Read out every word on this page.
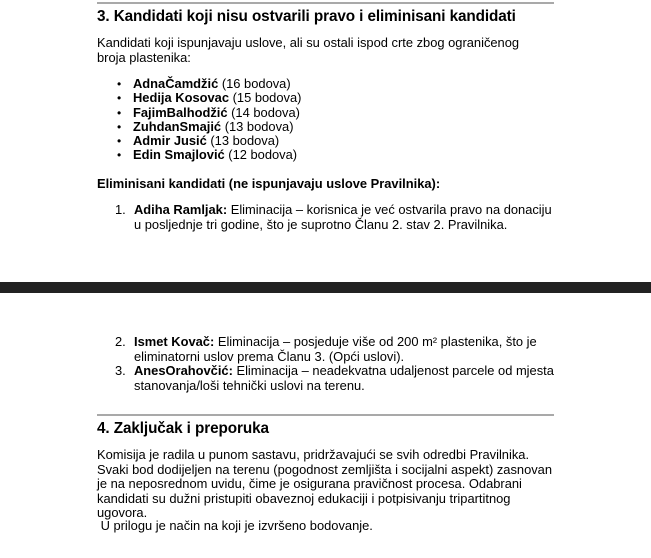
3. Kandidati koji nisu ostvarili pravo i eliminisani kandidati
Kandidati koji ispunjavaju uslove, ali su ostali ispod crte zbog ograničenog broja plastenika:
• AdnaČamdžić (16 bodova)
• Hedija Kosovac (15 bodova)
• FajimBalhodžić (14 bodova)
• ZuhdanSmajić (13 bodova)
• Admir Jusić (13 bodova)
• Edin Smajlović (12 bodova)
Eliminisani kandidati (ne ispunjavaju uslove Pravilnika):
1. Adiha Ramljak: Eliminacija – korisnica je već ostvarila pravo na donaciju u posljednje tri godine, što je suprotno Članu 2. stav 2. Pravilnika.
2. Ismet Kovač: Eliminacija – posjeduje više od 200 m² plastenika, što je eliminatorni uslov prema Članu 3. (Opći uslovi).
3. AnesOrahovčić: Eliminacija – neadekvatna udaljenost parcele od mjesta stanovanja/loši tehnički uslovi na terenu.
4. Zaključak i preporuka
Komisija je radila u punom sastavu, pridržavajući se svih odredbi Pravilnika. Svaki bod dodijeljen na terenu (pogodnost zemljišta i socijalni aspekt) zasnovan je na neposrednom uvidu, čime je osigurana pravičnost procesa. Odabrani kandidati su dužni pristupiti obaveznoj edukaciji i potpisivanju tripartitnog ugovora.
U prilogu je način na koji je izvršeno bodovanje.
